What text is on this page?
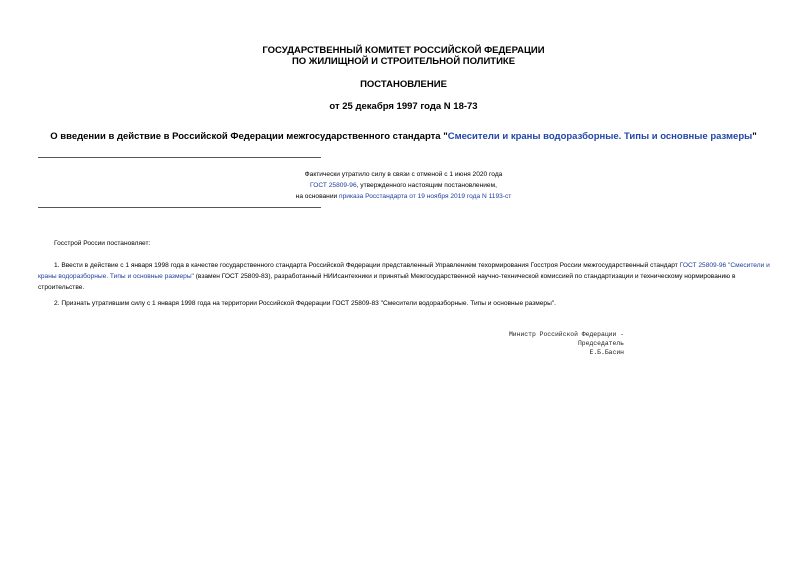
ГОСУДАРСТВЕННЫЙ КОМИТЕТ РОССИЙСКОЙ ФЕДЕРАЦИИ
ПО ЖИЛИЩНОЙ И СТРОИТЕЛЬНОЙ ПОЛИТИКЕ
ПОСТАНОВЛЕНИЕ
от 25 декабря 1997 года N 18-73
О введении в действие в Российской Федерации межгосударственного стандарта "Смесители и краны водоразборные. Типы и основные размеры"
Фактически утратило силу в связи с отменой с 1 июня 2020 года
ГОСТ 25809-96, утвержденного настоящим постановлением,
на основании приказа Росстандарта от 19 ноября 2019 года N 1193-ст
Госстрой России постановляет:
1. Ввести в действие с 1 января 1998 года в качестве государственного стандарта Российской Федерации представленный Управлением техормирования Госстроя России межгосударственный стандарт ГОСТ 25809-96 "Смесители и краны водоразборные. Типы и основные размеры" (взамен ГОСТ 25809-83), разработанный НИИсантехники и принятый Межгосударственной научно-технической комиссией по стандартизации и техническому нормированию в строительстве.
2. Признать утратившим силу с 1 января 1998 года на территории Российской Федерации ГОСТ 25809-83 "Смесители водоразборные. Типы и основные размеры".
Министр Российской Федерации -
Председатель
Е.Б.Басин
